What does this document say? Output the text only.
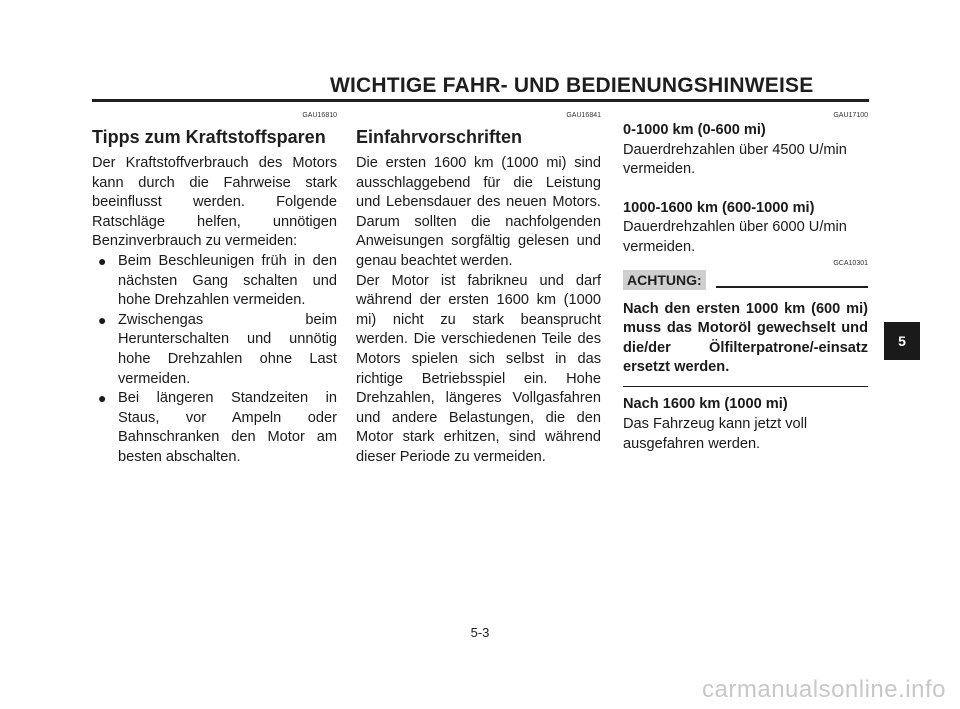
WICHTIGE FAHR- UND BEDIENUNGSHINWEISE
GAU16810
Tipps zum Kraftstoffsparen

Der Kraftstoffverbrauch des Motors kann durch die Fahrweise stark beeinflusst werden. Folgende Ratschläge helfen, unnötigen Benzinverbrauch zu vermeiden:

● Beim Beschleunigen früh in den nächsten Gang schalten und hohe Drehzahlen vermeiden.
● Zwischengas beim Herunterschalten und unnötig hohe Drehzahlen ohne Last vermeiden.
● Bei längeren Standzeiten in Staus, vor Ampeln oder Bahnschranken den Motor am besten abschalten.
GAU16841
Einfahrvorschriften

Die ersten 1600 km (1000 mi) sind ausschlaggebend für die Leistung und Lebensdauer des neuen Motors. Darum sollten die nachfolgenden Anweisungen sorgfältig gelesen und genau beachtet werden.

Der Motor ist fabrikneu und darf während der ersten 1600 km (1000 mi) nicht zu stark beansprucht werden. Die verschiedenen Teile des Motors spielen sich selbst in das richtige Betriebsspiel ein. Hohe Drehzahlen, längeres Vollgasfahren und andere Belastungen, die den Motor stark erhitzen, sind während dieser Periode zu vermeiden.

GAU17100
0-1000 km (0-600 mi)

Dauerdrehzahlen über 4500 U/min vermeiden.

1000-1600 km (600-1000 mi)

Dauerdrehzahlen über 6000 U/min vermeiden.

GCA10301
ACHTUNG:

Nach den ersten 1000 km (600 mi) muss das Motoröl gewechselt und die/der Ölfilterpatrone/-einsatz ersetzt werden.

Nach 1600 km (1000 mi)

Das Fahrzeug kann jetzt voll ausgefahren werden.

5-3
5
carmanualsonline.info
